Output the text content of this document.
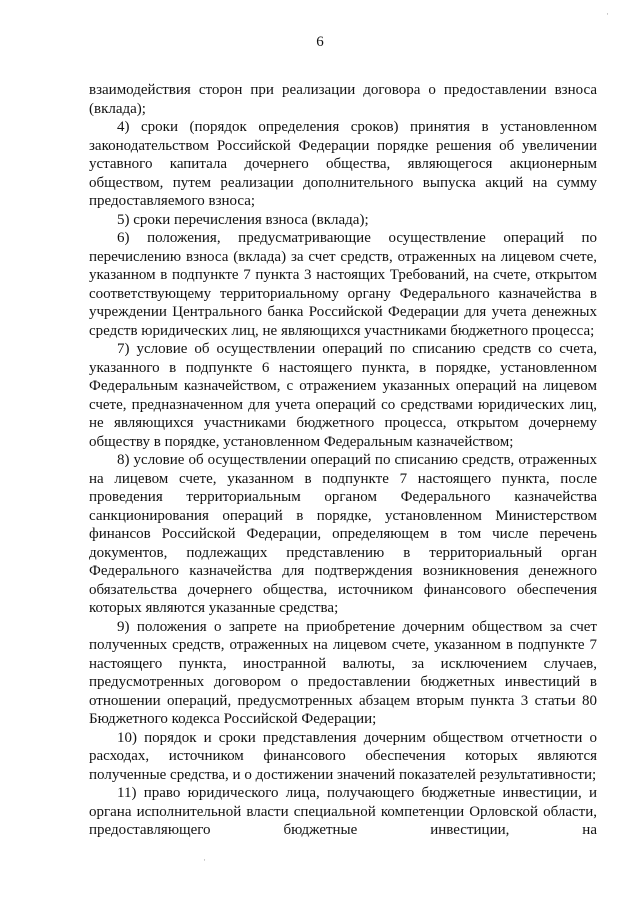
6

взаимодействия сторон при реализации договора о предоставлении взноса (вклада);

4) сроки (порядок определения сроков) принятия в установленном законодательством Российской Федерации порядке решения об увеличении уставного капитала дочернего общества, являющегося акционерным обществом, путем реализации дополнительного выпуска акций на сумму предоставляемого взноса;

5) сроки перечисления взноса (вклада);

6) положения, предусматривающие осуществление операций по перечислению взноса (вклада) за счет средств, отраженных на лицевом счете, указанном в подпункте 7 пункта 3 настоящих Требований, на счете, открытом соответствующему территориальному органу Федерального казначейства в учреждении Центрального банка Российской Федерации для учета денежных средств юридических лиц, не являющихся участниками бюджетного процесса;

7) условие об осуществлении операций по списанию средств со счета, указанного в подпункте 6 настоящего пункта, в порядке, установленном Федеральным казначейством, с отражением указанных операций на лицевом счете, предназначенном для учета операций со средствами юридических лиц, не являющихся участниками бюджетного процесса, открытом дочернему обществу в порядке, установленном Федеральным казначейством;

8) условие об осуществлении операций по списанию средств, отраженных на лицевом счете, указанном в подпункте 7 настоящего пункта, после проведения территориальным органом Федерального казначейства санкционирования операций в порядке, установленном Министерством финансов Российской Федерации, определяющем в том числе перечень документов, подлежащих представлению в территориальный орган Федерального казначейства для подтверждения возникновения денежного обязательства дочернего общества, источником финансового обеспечения которых являются указанные средства;

9) положения о запрете на приобретение дочерним обществом за счет полученных средств, отраженных на лицевом счете, указанном в подпункте 7 настоящего пункта, иностранной валюты, за исключением случаев, предусмотренных договором о предоставлении бюджетных инвестиций в отношении операций, предусмотренных абзацем вторым пункта 3 статьи 80 Бюджетного кодекса Российской Федерации;

10) порядок и сроки представления дочерним обществом отчетности о расходах, источником финансового обеспечения которых являются полученные средства, и о достижении значений показателей результативности;

11) право юридического лица, получающего бюджетные инвестиции, и органа исполнительной власти специальной компетенции Орловской области, предоставляющего бюджетные инвестиции, на

·
·
